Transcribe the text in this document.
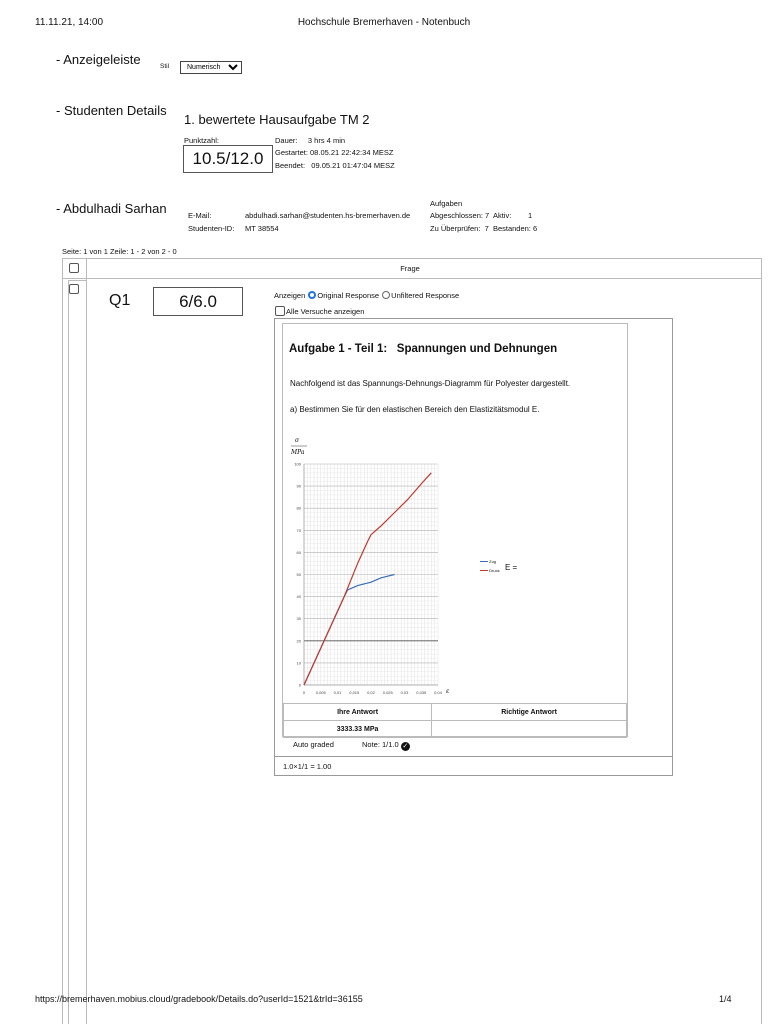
11.11.21, 14:00	Hochschule Bremerhaven - Notenbuch
- Anzeigeleiste	Stil
Numerisch
- Studenten Details
1. bewertete Hausaufgabe TM 2
Punktzahl:
10.5/12.0
Dauer:     3 hrs 4 min
Gestartet: 08.05.21 22:42:34 MESZ
Beendet:   09.05.21 01:47:04 MESZ
- Abdulhadi Sarhan	E-Mail:	abdulhadi.sarhan@studenten.hs-bremerhaven.de
Studenten-ID: MT 38554
Aufgaben
Abgeschlossen: 7  Aktiv:        1
Zu Überprüfen:  7  Bestanden: 6
Seite: 1 von 1 Zeile: 1 - 2 von 2 - 0
Frage
Q1	6/6.0	Anzeigen Original Response Unfiltered Response
Alle Versuche anzeigen
Aufgabe 1 - Teil 1:   Spannungen und Dehnungen
Nachfolgend ist das Spannungs-Dehnungs-Diagramm für Polyester dargestellt.
a) Bestimmen Sie für den elastischen Bereich den Elastizitätsmodul E.
0
10
20
30
40
50
60
70
80
90
100
0	0,005 0,01 0,015 0,02 0,025 0,03 0,035 0,04
σ
MPa
ε
Zug
Druck E =
Ihre Antwort	Richtige Antwort
3333.33 MPa	
Auto graded	Note: 1/1.0 ✓
1.0×1/1 = 1.00
https://bremerhaven.mobius.cloud/gradebook/Details.do?userId=1521&trId=36155	1/4
